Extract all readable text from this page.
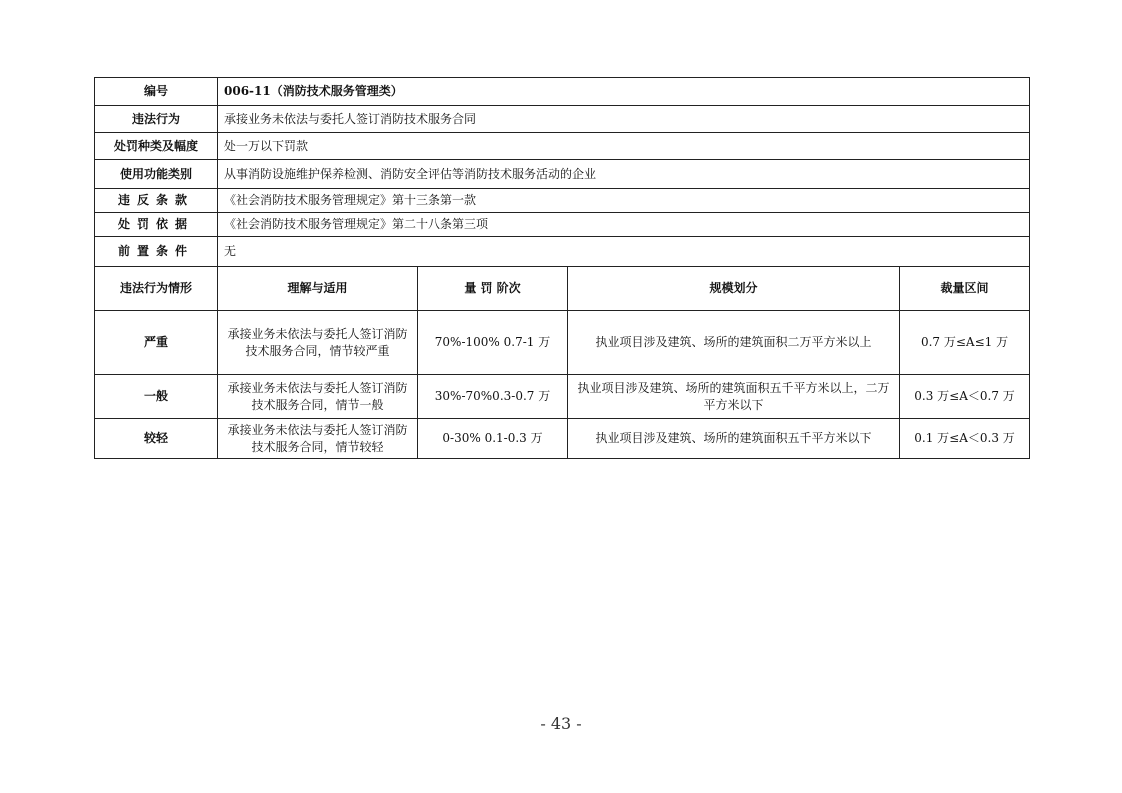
编号	006-11（消防技术服务管理类）			
违法行为	承接业务未依法与委托人签订消防技术服务合同			
处罚种类及幅度	处一万以下罚款			
使用功能类别	从事消防设施维护保养检测、消防安全评估等消防技术服务活动的企业			
违反条款	《社会消防技术服务管理规定》第十三条第一款			
处罚依据	《社会消防技术服务管理规定》第二十八条第三项			
前置条件	无			
违法行为情形	理解与适用	量 罚 阶次	规模划分	裁量区间
严重	承接业务未依法与委托人签订消防技术服务合同，情节较严重	70%-100% 0.7-1 万	执业项目涉及建筑、场所的建筑面积二万平方米以上	0.7 万≤A≤1 万
一般	承接业务未依法与委托人签订消防技术服务合同，情节一般	30%-70%0.3-0.7 万	执业项目涉及建筑、场所的建筑面积五千平方米以上，二万平方米以下	0.3 万≤A＜0.7 万
较轻	承接业务未依法与委托人签订消防技术服务合同，情节较轻	0-30% 0.1-0.3 万	执业项目涉及建筑、场所的建筑面积五千平方米以下	0.1 万≤A＜0.3 万
- 43 -
